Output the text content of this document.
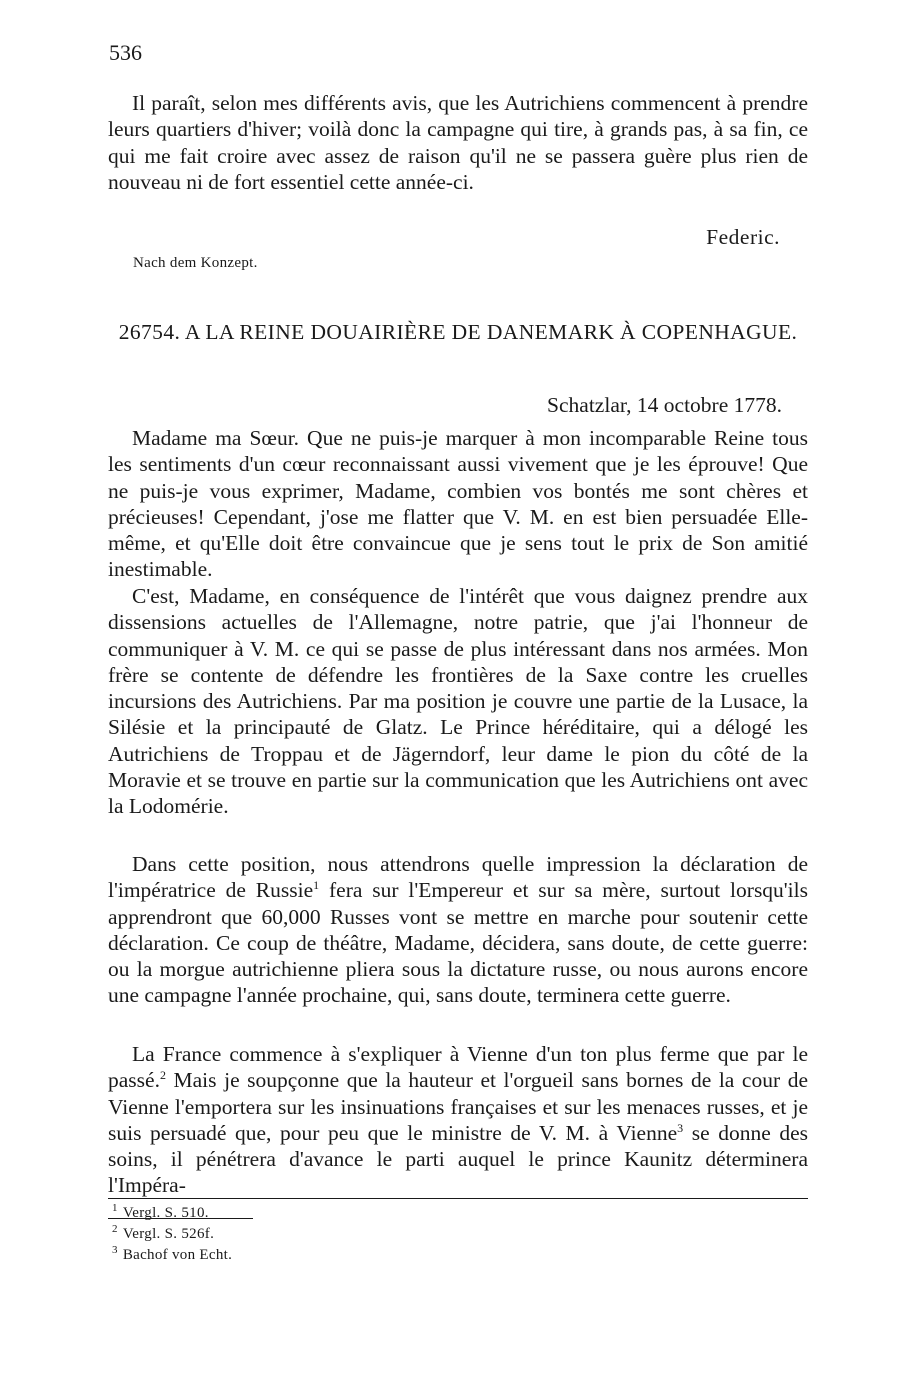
536

Il paraît, selon mes différents avis, que les Autrichiens commencent à prendre leurs quartiers d'hiver; voilà donc la campagne qui tire, à grands pas, à sa fin, ce qui me fait croire avec assez de raison qu'il ne se passera guère plus rien de nouveau ni de fort essentiel cette année-ci.

Federic.
Nach dem Konzept.

26754. A LA REINE DOUAIRIÈRE DE DANEMARK À COPENHAGUE.

Schatzlar, 14 octobre 1778.

Madame ma Sœur. Que ne puis-je marquer à mon incomparable Reine tous les sentiments d'un cœur reconnaissant aussi vivement que je les éprouve! Que ne puis-je vous exprimer, Madame, combien vos bontés me sont chères et précieuses! Cependant, j'ose me flatter que V. M. en est bien persuadée Elle-même, et qu'Elle doit être convaincue que je sens tout le prix de Son amitié inestimable.

C'est, Madame, en conséquence de l'intérêt que vous daignez prendre aux dissensions actuelles de l'Allemagne, notre patrie, que j'ai l'honneur de communiquer à V. M. ce qui se passe de plus intéressant dans nos armées. Mon frère se contente de défendre les frontières de la Saxe contre les cruelles incursions des Autrichiens. Par ma position je couvre une partie de la Lusace, la Silésie et la principauté de Glatz. Le Prince héréditaire, qui a délogé les Autrichiens de Troppau et de Jägerndorf, leur dame le pion du côté de la Moravie et se trouve en partie sur la communication que les Autrichiens ont avec la Lodomérie.

Dans cette position, nous attendrons quelle impression la déclaration de l'impératrice de Russie$^1$ fera sur l'Empereur et sur sa mère, surtout lorsqu'ils apprendront que 60,000 Russes vont se mettre en marche pour soutenir cette déclaration. Ce coup de théâtre, Madame, décidera, sans doute, de cette guerre: ou la morgue autrichienne pliera sous la dictature russe, ou nous aurons encore une campagne l'année prochaine, qui, sans doute, terminera cette guerre.

La France commence à s'expliquer à Vienne d'un ton plus ferme que par le passé.$^2$ Mais je soupçonne que la hauteur et l'orgueil sans bornes de la cour de Vienne l'emportera sur les insinuations françaises et sur les menaces russes, et je suis persuadé que, pour peu que le ministre de V. M. à Vienne$^3$ se donne des soins, il pénétrera d'avance le parti auquel le prince Kaunitz déterminera l'Impéra-

$^1$ Vergl. S. 510.
$^2$ Vergl. S. 526f.
$^3$ Bachof von Echt.
